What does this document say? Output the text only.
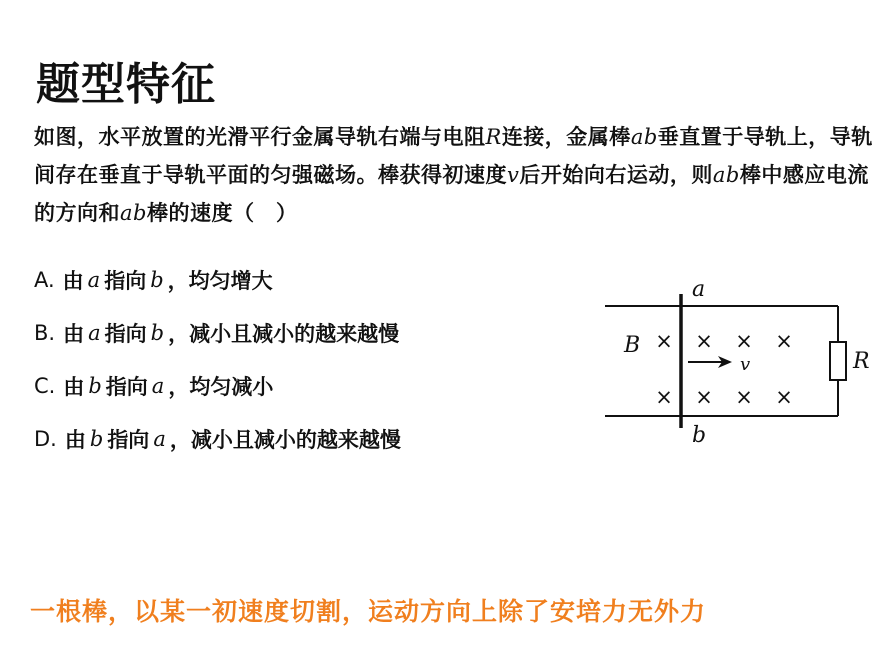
题型特征
如图，水平放置的光滑平行金属导轨右端与电阻R连接，金属棒ab垂直置于导轨上，导轨间存在垂直于导轨平面的匀强磁场。棒获得初速度v后开始向右运动，则ab棒中感应电流的方向和ab棒的速度（　）
A. 由 a 指向 b ，均匀增大
B. 由 a 指向 b ，减小且减小的越来越慢
C. 由 b 指向 a ，均匀减小
D. 由 b 指向 a ，减小且减小的越来越慢
× × × ×
× × × ×
a
b
B
v	R
一根棒，以某一初速度切割，运动方向上除了安培力无外力
